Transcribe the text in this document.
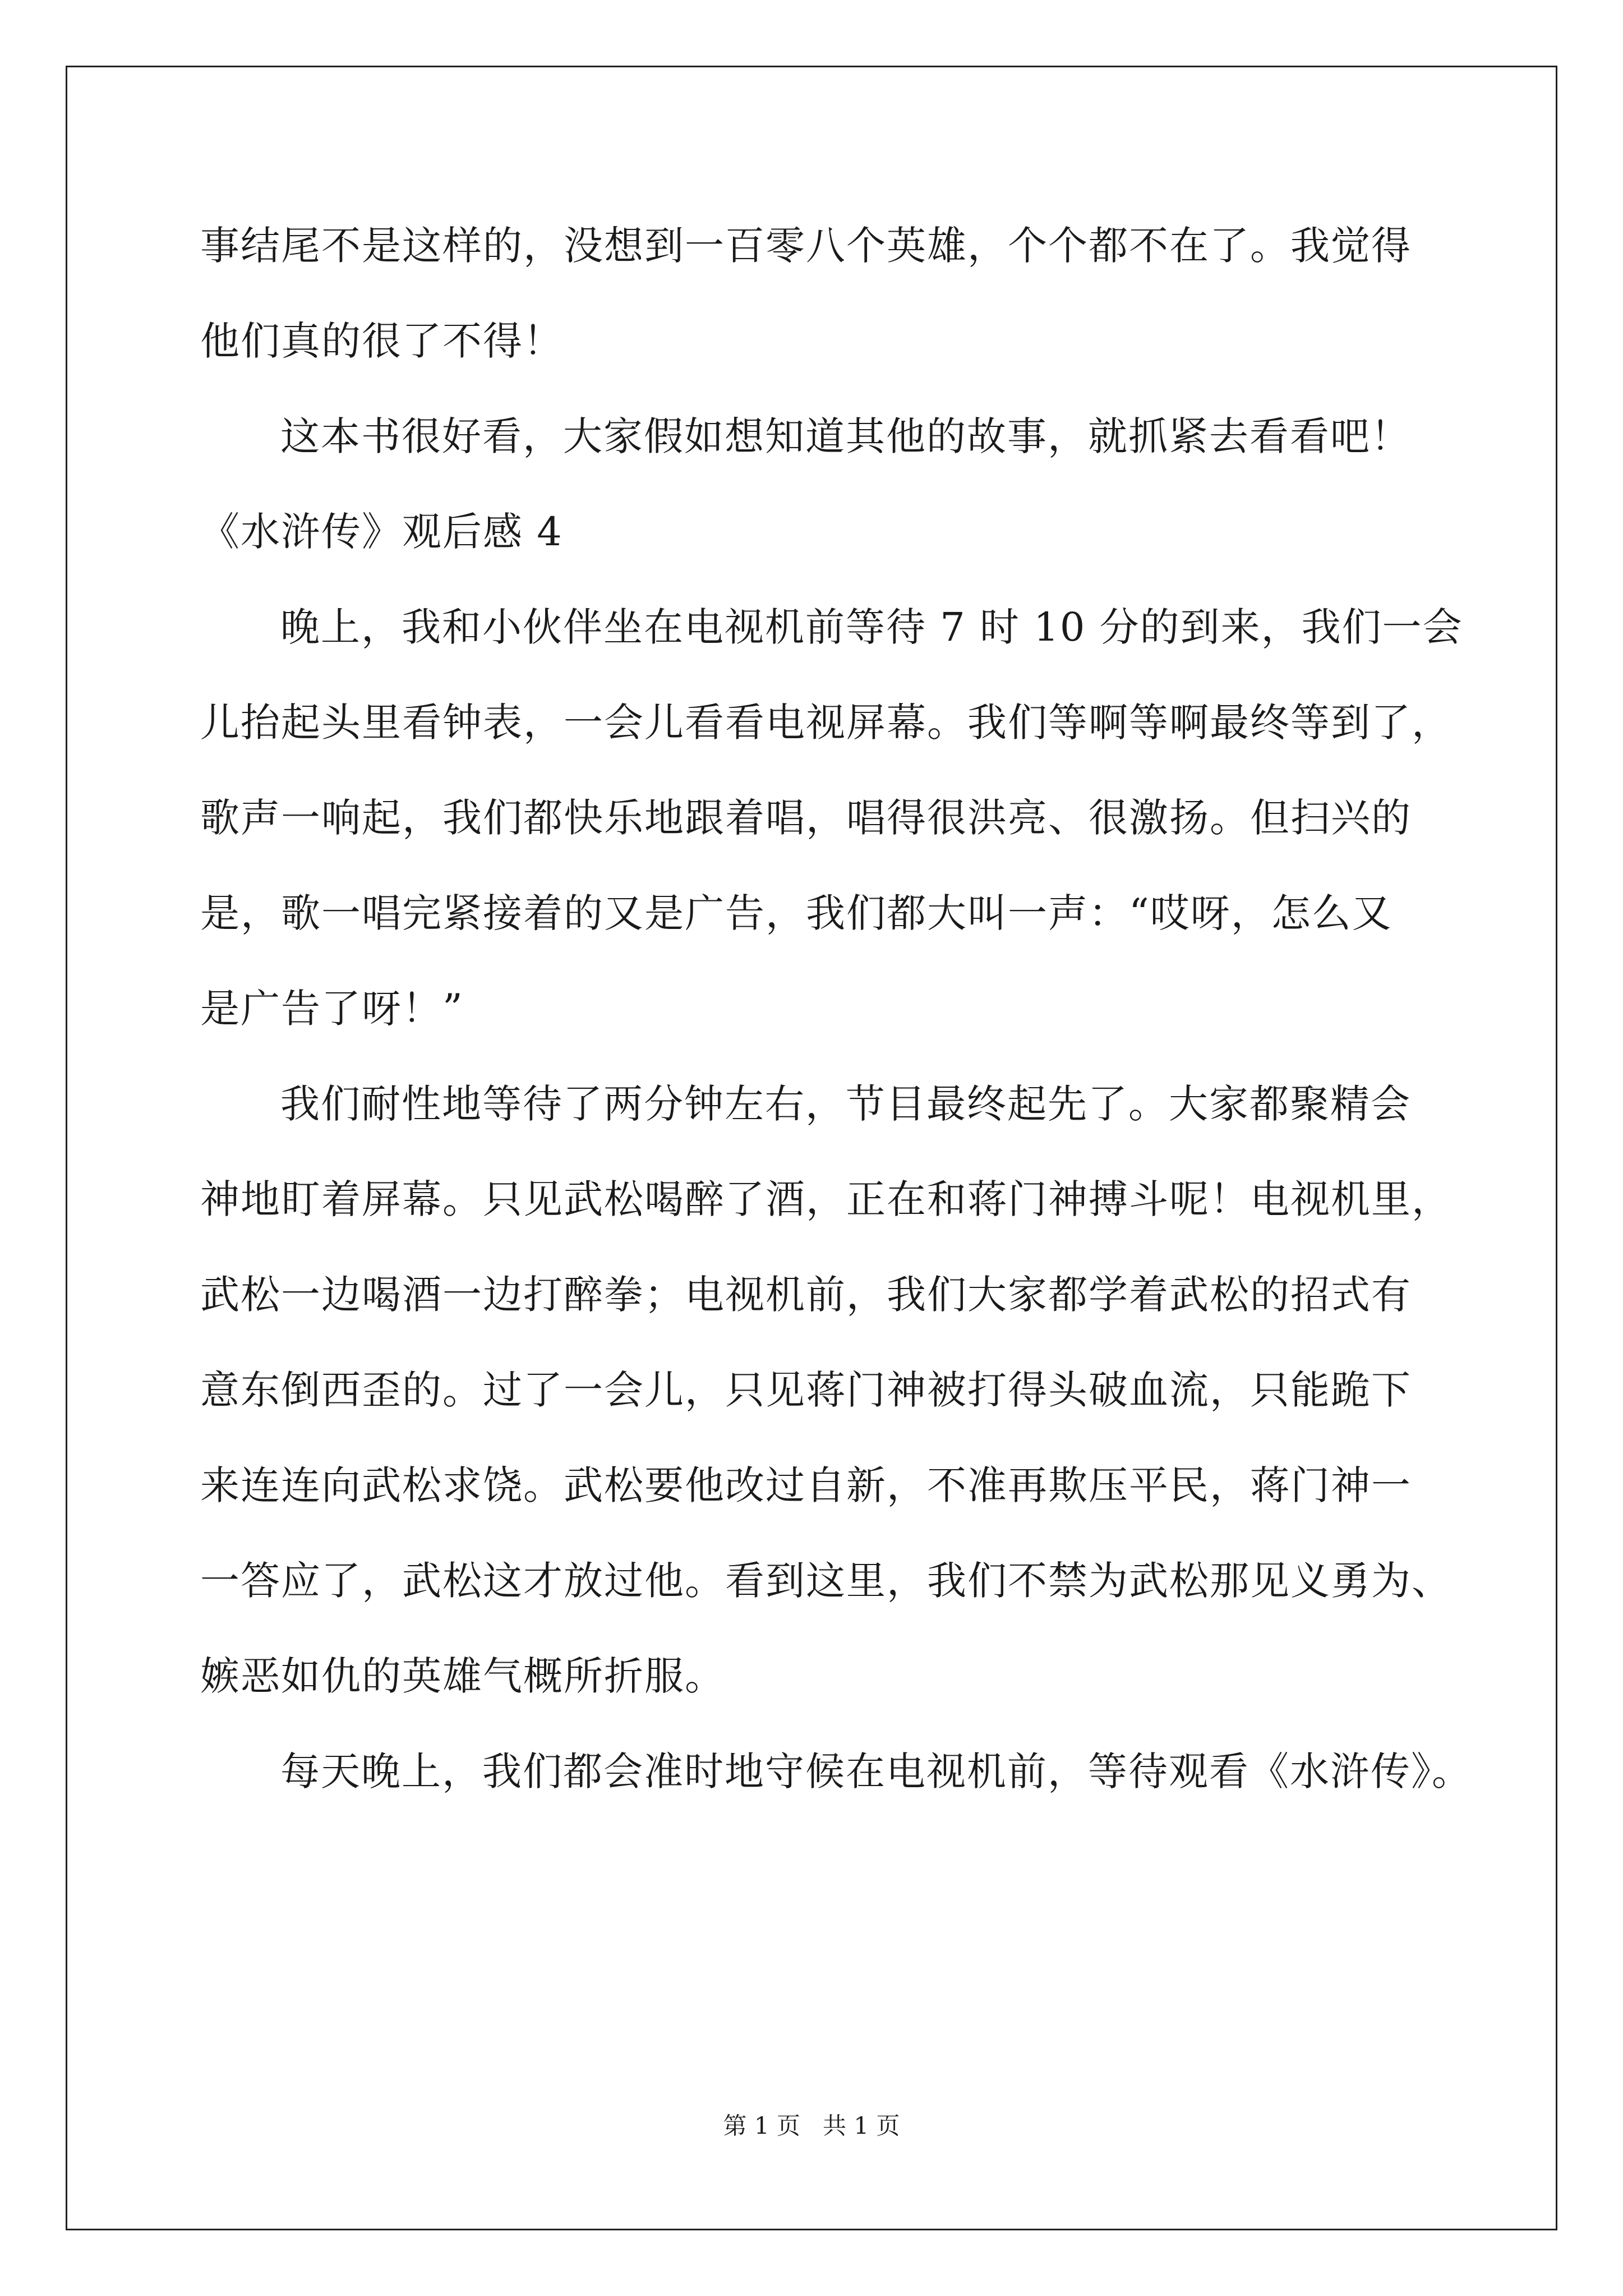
事结尾不是这样的，没想到一百零八个英雄，个个都不在了。我觉得
他们真的很了不得！
这本书很好看，大家假如想知道其他的故事，就抓紧去看看吧！
《水浒传》观后感 4
晚上，我和小伙伴坐在电视机前等待 7 时 10 分的到来，我们一会
儿抬起头里看钟表，一会儿看看电视屏幕。我们等啊等啊最终等到了，
歌声一响起，我们都快乐地跟着唱，唱得很洪亮、很激扬。但扫兴的
是，歌一唱完紧接着的又是广告，我们都大叫一声：“哎呀，怎么又
是广告了呀！”
我们耐性地等待了两分钟左右，节目最终起先了。大家都聚精会
神地盯着屏幕。只见武松喝醉了酒，正在和蒋门神搏斗呢！电视机里，
武松一边喝酒一边打醉拳；电视机前，我们大家都学着武松的招式有
意东倒西歪的。过了一会儿，只见蒋门神被打得头破血流，只能跪下
来连连向武松求饶。武松要他改过自新，不准再欺压平民，蒋门神一
一答应了，武松这才放过他。看到这里，我们不禁为武松那见义勇为、
嫉恶如仇的英雄气概所折服。
每天晚上，我们都会准时地守候在电视机前，等待观看《水浒传》。
第 1 页   共 1 页
